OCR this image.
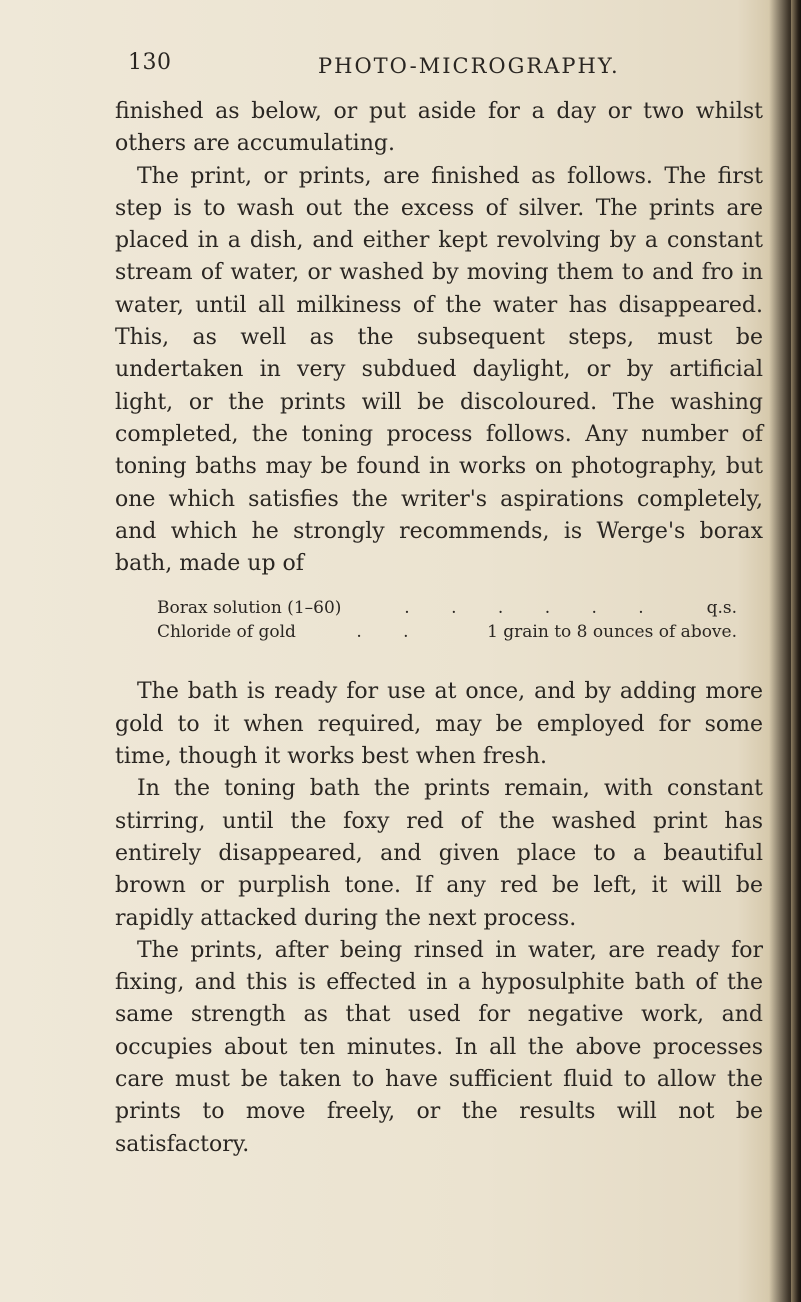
130	PHOTO-MICROGRAPHY.

finished as below, or put aside for a day or two whilst others are accumulating.

The print, or prints, are finished as follows. The first step is to wash out the excess of silver. The prints are placed in a dish, and either kept revolving by a constant stream of water, or washed by moving them to and fro in water, until all milkiness of the water has disappeared. This, as well as the subsequent steps, must be undertaken in very subdued daylight, or by artificial light, or the prints will be discoloured. The washing completed, the toning process follows. Any number of toning baths may be found in works on photography, but one which satisfies the writer's aspirations completely, and which he strongly recommends, is Werge's borax bath, made up of

Borax solution (1–60)	. . . . . .	q.s.
Chloride of gold	. .	1 grain to 8 ounces of above.

The bath is ready for use at once, and by adding more gold to it when required, may be employed for some time, though it works best when fresh.

In the toning bath the prints remain, with constant stirring, until the foxy red of the washed print has entirely disappeared, and given place to a beautiful brown or purplish tone. If any red be left, it will be rapidly attacked during the next process.

The prints, after being rinsed in water, are ready for fixing, and this is effected in a hyposulphite bath of the same strength as that used for negative work, and occupies about ten minutes. In all the above processes care must be taken to have sufficient fluid to allow the prints to move freely, or the results will not be satisfactory.
